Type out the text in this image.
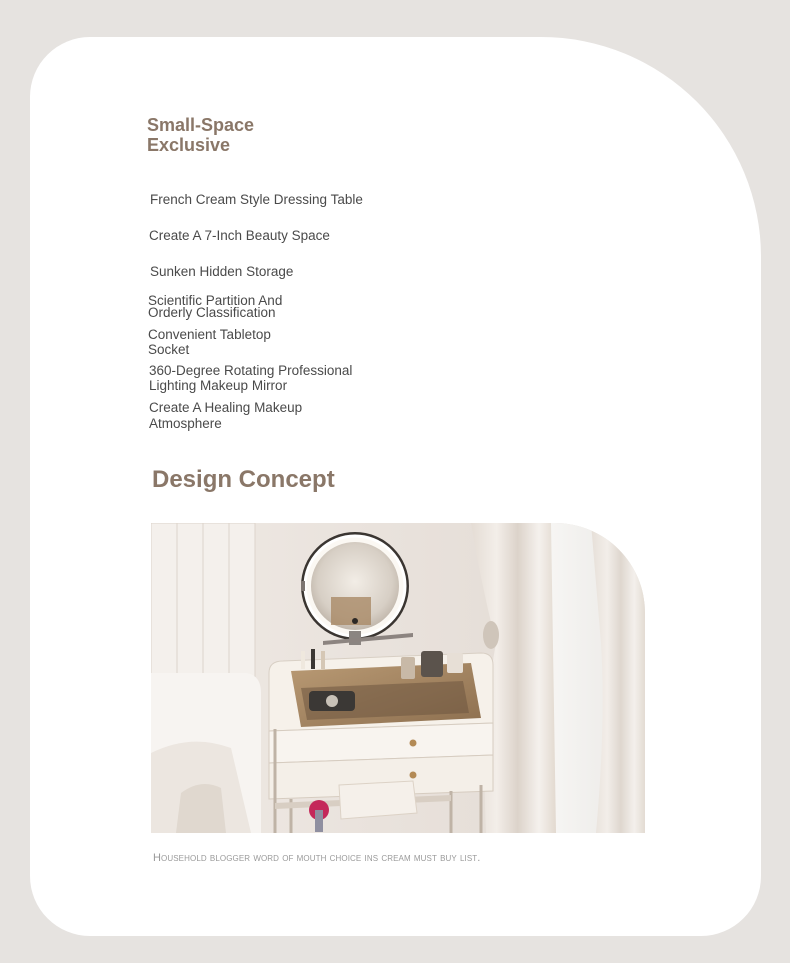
Small-Space
Exclusive
French Cream Style Dressing Table
Create A 7-Inch Beauty Space
Sunken Hidden Storage
Scientific Partition And
Orderly Classification
Convenient Tabletop
Socket
360-Degree Rotating Professional
Lighting Makeup Mirror
Create A Healing Makeup
Atmosphere
Design Concept
Household blogger word of mouth choice ins cream must buy list.
